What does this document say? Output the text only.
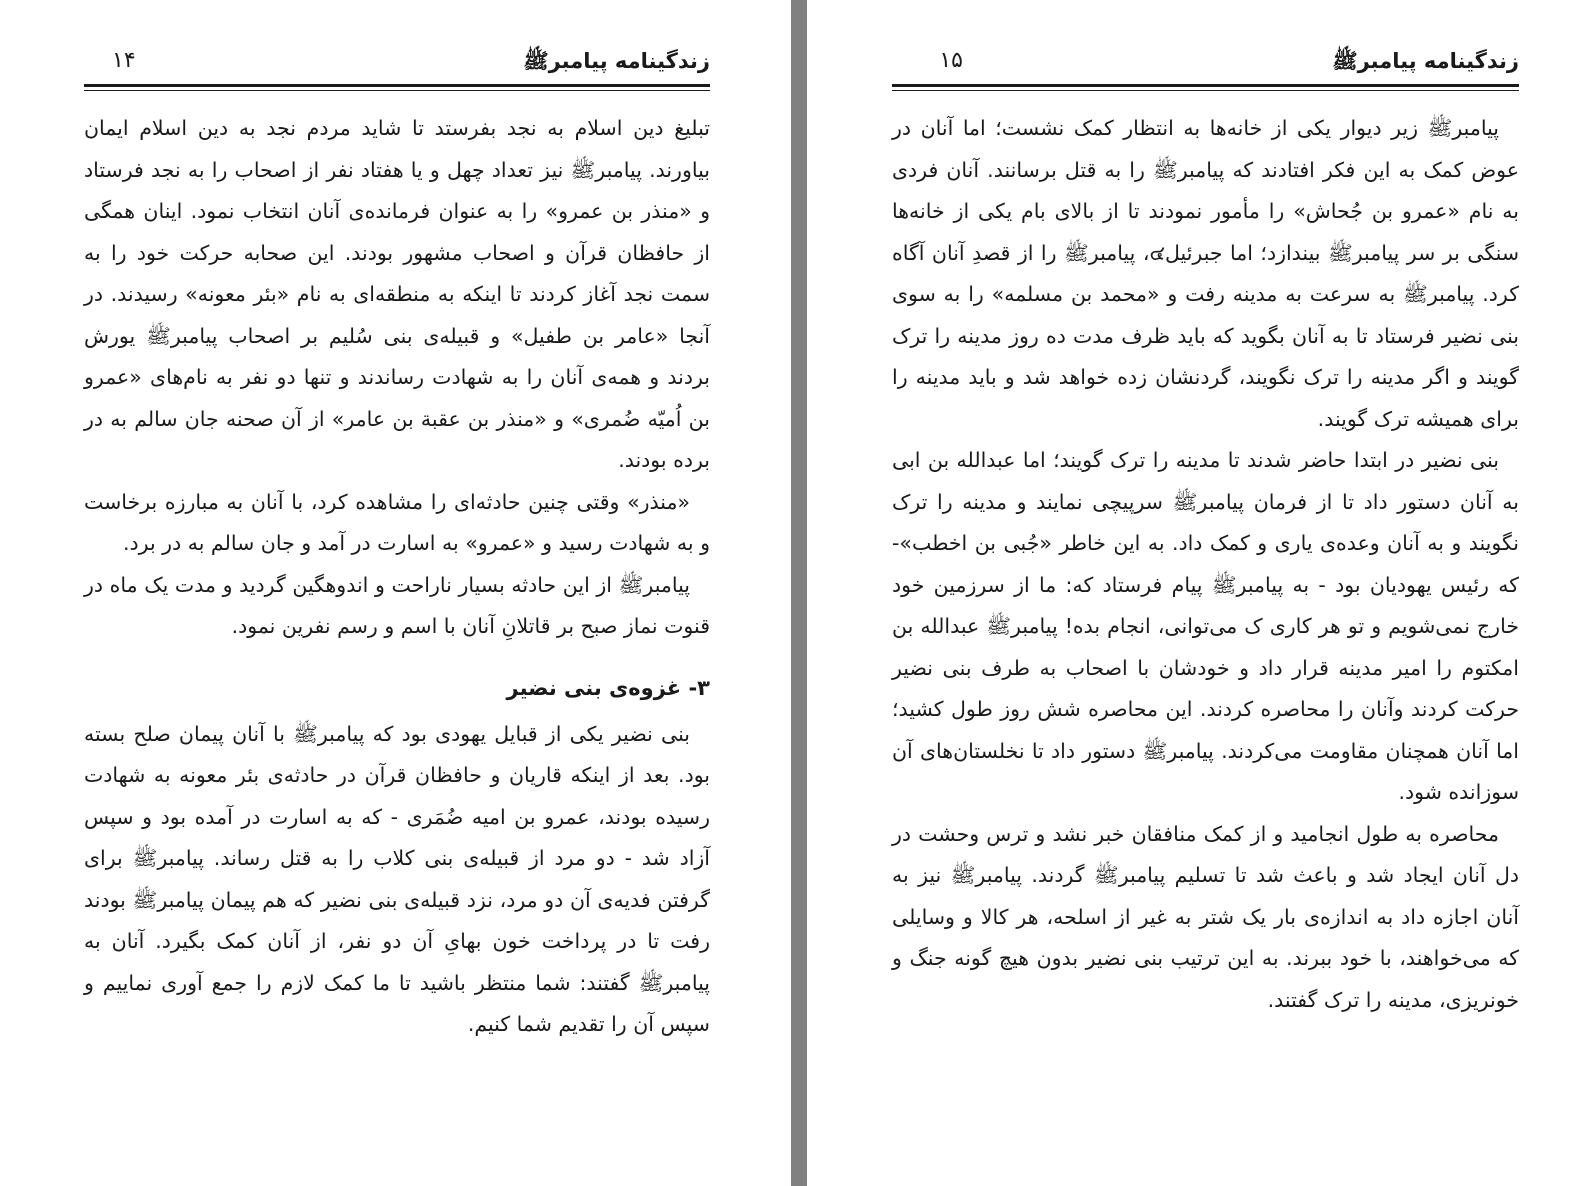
زندگینامه پیامبرﷺ
۱۴

تبلیغ دین اسلام به نجد بفرستد تا شاید مردم نجد به دین اسلام ایمان بیاورند. پیامبرﷺ نیز تعداد چهل و یا هفتاد نفر از اصحاب را به نجد فرستاد و «منذر بن عمرو» را به عنوان فرمانده‌ی آنان انتخاب نمود. اینان همگی از حافظان قرآن و اصحاب مشهور بودند. این صحابه حرکت خود را به سمت نجد آغاز کردند تا اینکه به منطقه‌ای به نام «بئر معونه» رسیدند. در آنجا «عامر بن طفیل» و قبیله‌ی بنی سُلیم بر اصحاب پیامبرﷺ یورش بردند و همه‌ی آنان را به شهادت رساندند و تنها دو نفر به نام‌های «عمرو بن اُمیّه ضُمری» و «منذر بن عقبة بن عامر» از آن صحنه جان سالم به در برده بودند.

«منذر» وقتی چنین حادثه‌ای را مشاهده کرد، با آنان به مبارزه برخاست و به شهادت رسید و «عمرو» به اسارت در آمد و جان سالم به در برد.

پیامبرﷺ از این حادثه بسیار ناراحت و اندوهگین گردید و مدت یک ماه در قنوت نماز صبح بر قاتلانِ آنان با اسم و رسم نفرین نمود.

۳- غزوه‌ی بنی نضیر

بنی نضیر یکی از قبایل یهودی بود که پیامبرﷺ با آنان پیمان صلح بسته بود. بعد از اینکه قاریان و حافظان قرآن در حادثه‌ی بئر معونه به شهادت رسیده بودند، عمرو بن امیه ضُمَری - که به اسارت در آمده بود و سپس آزاد شد - دو مرد از قبیله‌ی بنی کلاب را به قتل رساند. پیامبرﷺ برای گرفتن فدیه‌ی آن دو مرد، نزد قبیله‌ی بنی نضیر که هم پیمان پیامبرﷺ بودند رفت تا در پرداخت خون بهایِ آن دو نفر، از آنان کمک بگیرد. آنان به پیامبرﷺ گفتند: شما منتظر باشید تا ما کمک لازم را جمع آوری نماییم و سپس آن را تقدیم شما کنیم.

زندگینامه پیامبرﷺ
۱۵

پیامبرﷺ زیر دیوار یکی از خانه‌ها به انتظار کمک نشست؛ اما آنان در عوض کمک به این فکر افتادند که پیامبرﷺ را به قتل برسانند. آنان فردی به نام «عمرو بن جُحاش» را مأمور نمودند تا از بالای بام یکی از خانه‌ها سنگی بر سر پیامبرﷺ بیندازد؛ اما جبرئیل๔، پیامبرﷺ را از قصدِ آنان آگاه کرد. پیامبرﷺ به سرعت به مدینه رفت و «محمد بن مسلمه» را به سوی بنی نضیر فرستاد تا به آنان بگوید که باید ظرف مدت ده روز مدینه را ترک گویند و اگر مدینه را ترک نگویند، گردنشان زده خواهد شد و باید مدینه را برای همیشه ترک گویند.

بنی نضیر در ابتدا حاضر شدند تا مدینه را ترک گویند؛ اما عبدالله بن ابی به آنان دستور داد تا از فرمان پیامبرﷺ سرپیچی نمایند و مدینه را ترک نگویند و به آنان وعده‌ی یاری و کمک داد. به این خاطر «جُبی بن اخطب»- که رئیس یهودیان بود - به پیامبرﷺ پیام فرستاد که: ما از سرزمین خود خارج نمی‌شویم و تو هر کاری ک می‌توانی، انجام بده! پیامبرﷺ عبدالله بن امکتوم را امیر مدینه قرار داد و خودشان با اصحاب به طرف بنی نضیر حرکت کردند وآنان را محاصره کردند. این محاصره شش روز طول کشید؛ اما آنان همچنان مقاومت می‌کردند. پیامبرﷺ دستور داد تا نخلستان‌های آن سوزانده شود.

محاصره به طول انجامید و از کمک منافقان خبر نشد و ترس وحشت در دل آنان ایجاد شد و باعث شد تا تسلیم پیامبرﷺ گردند. پیامبرﷺ نیز به آنان اجازه داد به اندازه‌ی بار یک شتر به غیر از اسلحه، هر کالا و وسایلی که می‌خواهند، با خود ببرند. به این ترتیب بنی نضیر بدون هیچ گونه جنگ و خونریزی، مدینه را ترک گفتند.
